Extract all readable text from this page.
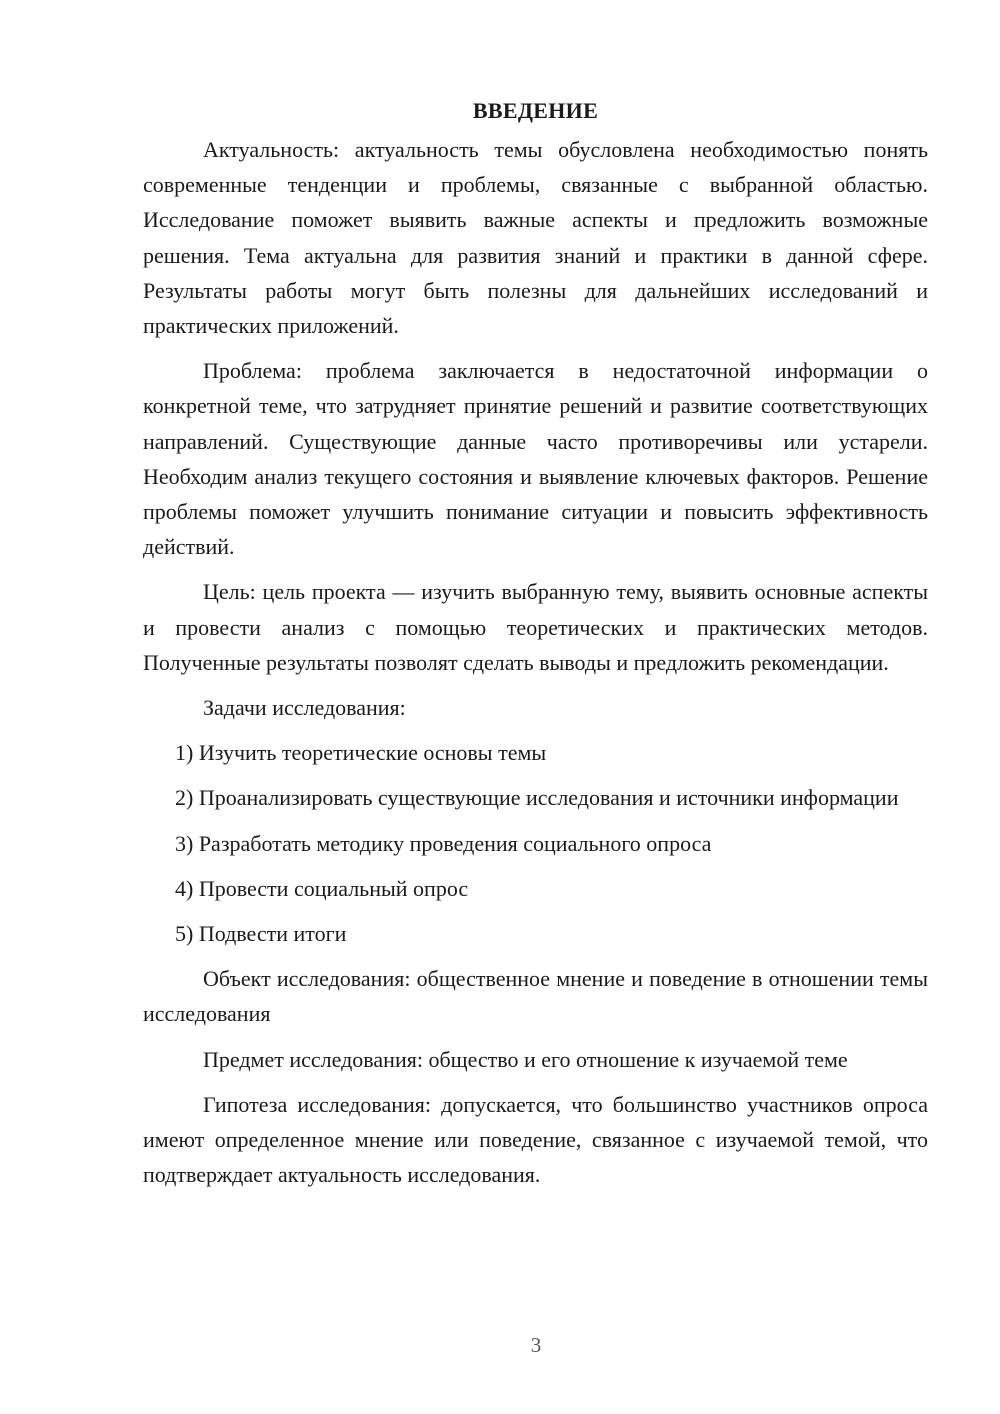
ВВЕДЕНИЕ

Актуальность: актуальность темы обусловлена необходимостью понять современные тенденции и проблемы, связанные с выбранной областью. Исследование поможет выявить важные аспекты и предложить возможные решения. Тема актуальна для развития знаний и практики в данной сфере. Результаты работы могут быть полезны для дальнейших исследований и практических приложений.

Проблема: проблема заключается в недостаточной информации о конкретной теме, что затрудняет принятие решений и развитие соответствующих направлений. Существующие данные часто противоречивы или устарели. Необходим анализ текущего состояния и выявление ключевых факторов. Решение проблемы поможет улучшить понимание ситуации и повысить эффективность действий.

Цель: цель проекта — изучить выбранную тему, выявить основные аспекты и провести анализ с помощью теоретических и практических методов. Полученные результаты позволят сделать выводы и предложить рекомендации.

Задачи исследования:

1) Изучить теоретические основы темы

2) Проанализировать существующие исследования и источники информации

3) Разработать методику проведения социального опроса

4) Провести социальный опрос

5) Подвести итоги

Объект исследования: общественное мнение и поведение в отношении темы исследования

Предмет исследования: общество и его отношение к изучаемой теме

Гипотеза исследования: допускается, что большинство участников опроса имеют определенное мнение или поведение, связанное с изучаемой темой, что подтверждает актуальность исследования.

3
